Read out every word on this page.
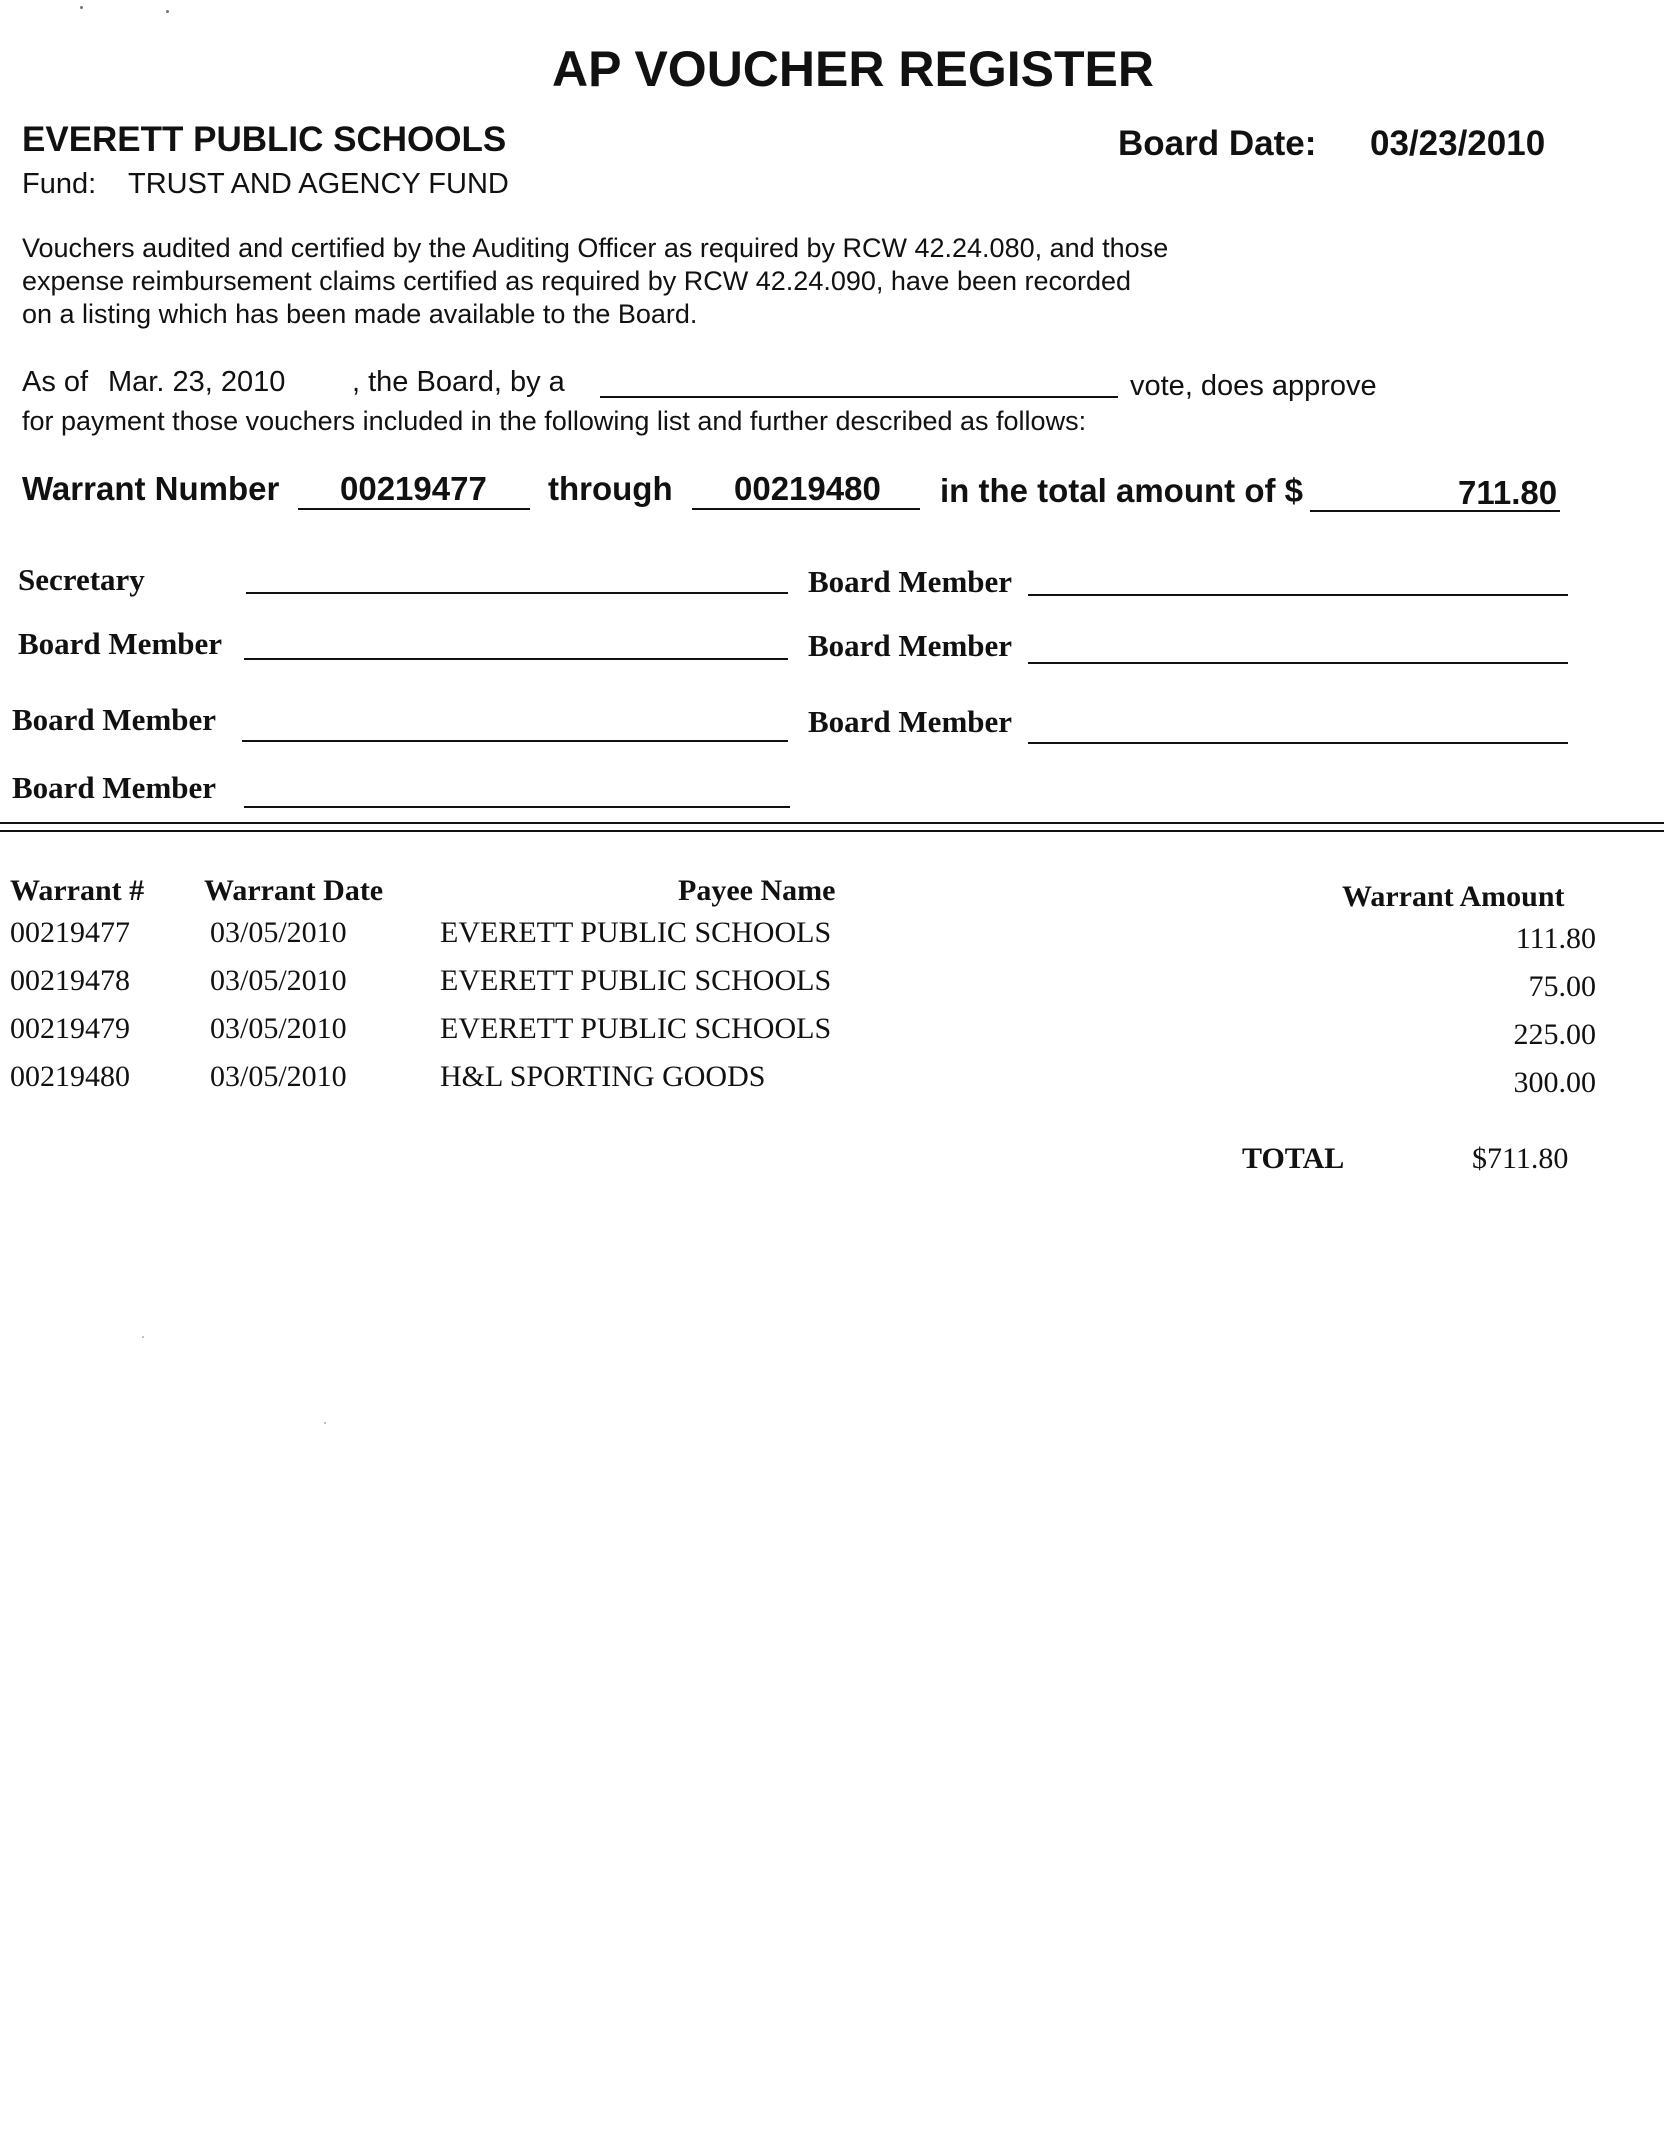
AP VOUCHER REGISTER
EVERETT PUBLIC SCHOOLS	Board Date: 03/23/2010
Fund: TRUST AND AGENCY FUND
Vouchers audited and certified by the Auditing Officer as required by RCW 42.24.080, and those
expense reimbursement claims certified as required by RCW 42.24.090, have been recorded
on a listing which has been made available to the Board.
As of Mar. 23, 2010 , the Board, by a	vote, does approve
for payment those vouchers included in the following list and further described as follows:
Warrant Number 00219477 through 00219480 in the total amount of $	711.80
Secretary	Board Member
Board Member	Board Member
Board Member	Board Member
Board Member
Warrant # Warrant Date	Payee Name	Warrant Amount
00219477	03/05/2010	EVERETT PUBLIC SCHOOLS	111.80
00219478	03/05/2010	EVERETT PUBLIC SCHOOLS	75.00
00219479	03/05/2010	EVERETT PUBLIC SCHOOLS	225.00
00219480	03/05/2010	H&L SPORTING GOODS	300.00
TOTAL	$711.80
